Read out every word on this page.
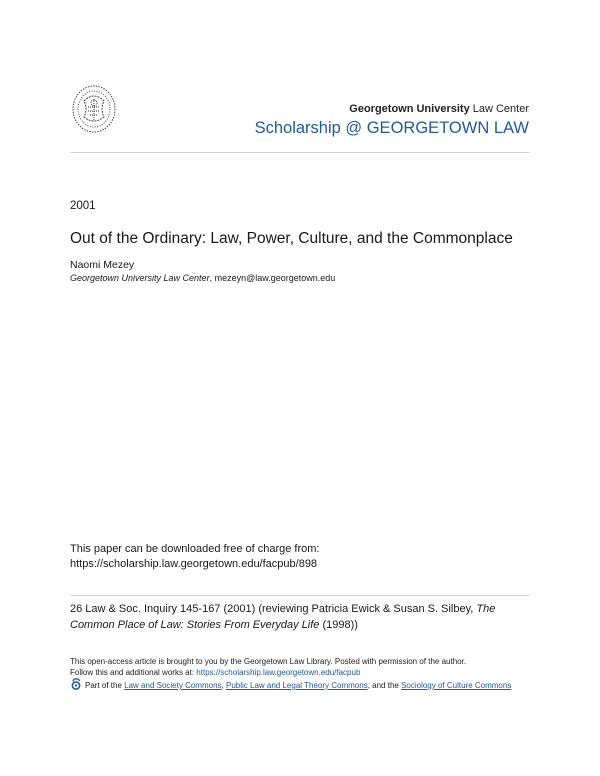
Georgetown University Law Center
Scholarship @ GEORGETOWN LAW
2001
Out of the Ordinary: Law, Power, Culture, and the Commonplace
Naomi Mezey
Georgetown University Law Center, mezeyn@law.georgetown.edu
This paper can be downloaded free of charge from:
https://scholarship.law.georgetown.edu/facpub/898
26 Law & Soc. Inquiry 145-167 (2001) (reviewing Patricia Ewick & Susan S. Silbey, The Common Place of Law: Stories From Everyday Life (1998))
This open-access article is brought to you by the Georgetown Law Library. Posted with permission of the author.
Follow this and additional works at: https://scholarship.law.georgetown.edu/facpub
Part of the Law and Society Commons, Public Law and Legal Theory Commons, and the Sociology of Culture Commons
